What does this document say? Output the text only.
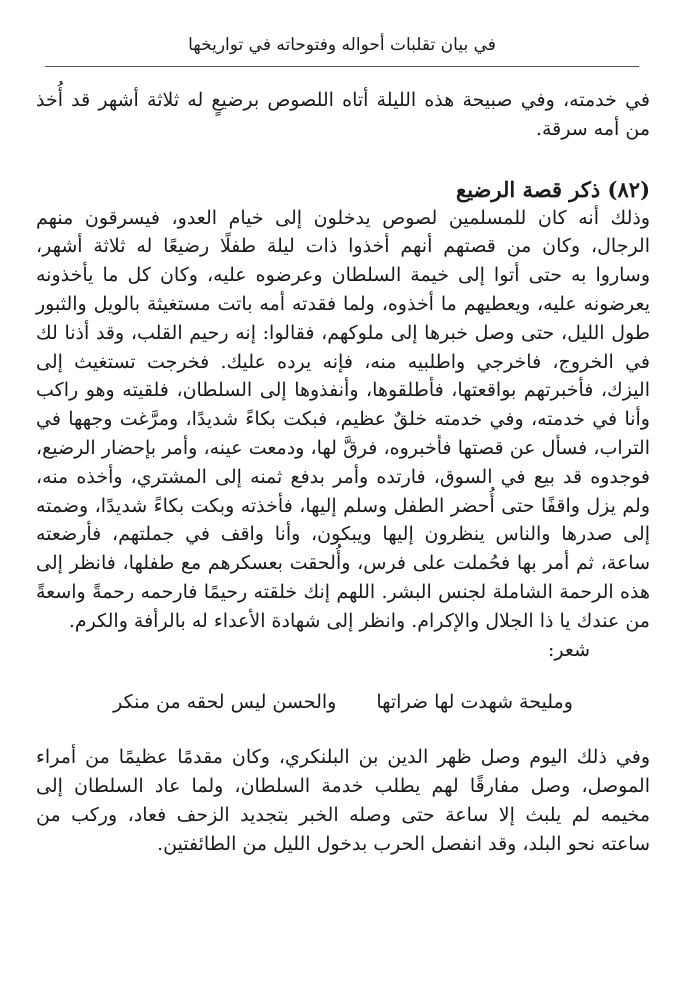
في بيان تقلبات أحواله وفتوحاته في تواريخها

في خدمته، وفي صبيحة هذه الليلة أتاه اللصوص برضيعٍ له ثلاثة أشهر قد أُخذ من أمه سرقة.

(٨٢) ذكر قصة الرضيع

وذلك أنه كان للمسلمين لصوص يدخلون إلى خيام العدو، فيسرقون منهم الرجال، وكان من قصتهم أنهم أخذوا ذات ليلة طفلًا رضيعًا له ثلاثة أشهر، وساروا به حتى أتوا إلى خيمة السلطان وعرضوه عليه، وكان كل ما يأخذونه يعرضونه عليه، ويعطيهم ما أخذوه، ولما فقدته أمه باتت مستغيثة بالويل والثبور طول الليل، حتى وصل خبرها إلى ملوكهم، فقالوا: إنه رحيم القلب، وقد أذنا لك في الخروج، فاخرجي واطلبيه منه، فإنه يرده عليك. فخرجت تستغيث إلى اليزك، فأخبرتهم بواقعتها، فأطلقوها، وأنفذوها إلى السلطان، فلقيته وهو راكب وأنا في خدمته، وفي خدمته خلقٌ عظيم، فبكت بكاءً شديدًا، ومرَّغت وجهها في التراب، فسأل عن قصتها فأخبروه، فرقَّ لها، ودمعت عينه، وأمر بإحضار الرضيع، فوجدوه قد بيع في السوق، فارتده وأمر بدفع ثمنه إلى المشتري، وأخذه منه، ولم يزل واقفًا حتى أُحضر الطفل وسلم إليها، فأخذته وبكت بكاءً شديدًا، وضمته إلى صدرها والناس ينظرون إليها ويبكون، وأنا واقف في جملتهم، فأرضعته ساعة، ثم أمر بها فحُملت على فرس، وأُلحقت بعسكرهم مع طفلها، فانظر إلى هذه الرحمة الشاملة لجنس البشر. اللهم إنك خلقته رحيمًا فارحمه رحمةً واسعةً من عندك يا ذا الجلال والإكرام. وانظر إلى شهادة الأعداء له بالرأفة والكرم.

شعر:

ومليحة شهدت لها ضراتها
والحسن ليس لحقه من منكر

وفي ذلك اليوم وصل ظهر الدين بن البلنكري، وكان مقدمًا عظيمًا من أمراء الموصل، وصل مفارقًا لهم يطلب خدمة السلطان، ولما عاد السلطان إلى مخيمه لم يلبث إلا ساعة حتى وصله الخبر بتجديد الزحف فعاد، وركب من ساعته نحو البلد، وقد انفصل الحرب بدخول الليل من الطائفتين.
